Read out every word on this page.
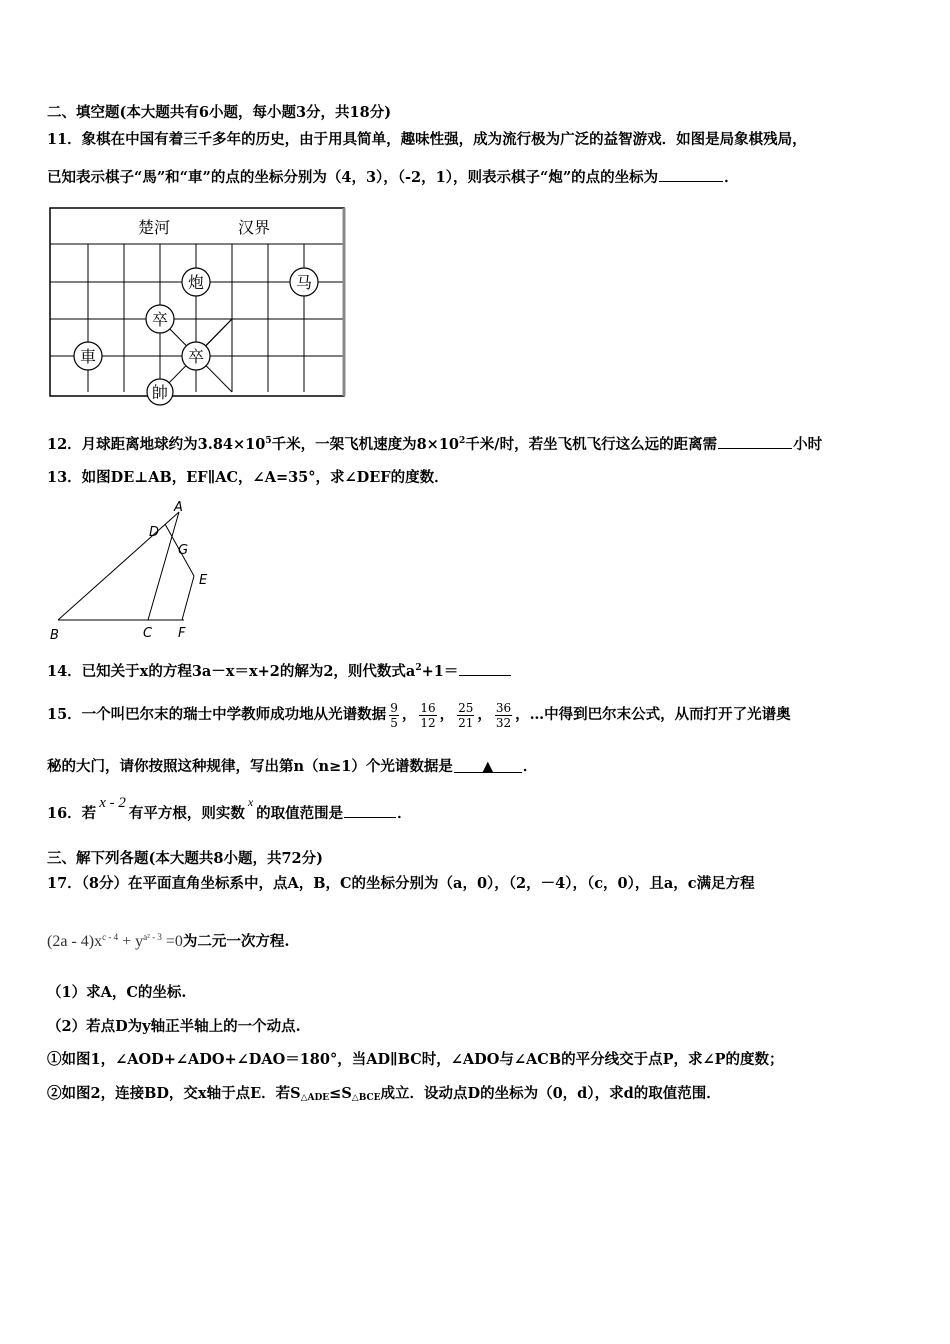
二、填空题(本大题共有6小题，每小题3分，共18分)
11．象棋在中国有着三千多年的历史，由于用具简单，趣味性强，成为流行极为广泛的益智游戏．如图是局象棋残局，
已知表示棋子“馬”和“車”的点的坐标分别为（4，3），（-2，1），则表示棋子“炮”的点的坐标为	．
楚河	汉界
炮	马
卒
車	卒
帥
12．月球距离地球约为$3.84\times 10^5$千米，一架飞机速度为$8\times 10^2$千米/时，若坐飞机飞行这么远的距离需	小时
13．如图DE⊥AB，EF∥AC，∠A=35°，求∠DEF的度数．
A
D
G
E
B	C F
14．已知关于x的方程3a－x＝x+2的解为2，则代数式$a^2+1=$
15．一个叫巴尔末的瑞士中学教师成功地从光谱数据 $\frac{9}{5}$ ， $\frac{16}{12}$ ， $\frac{25}{21}$ ， $\frac{36}{32}$ ，…中得到巴尔末公式，从而打开了光谱奥
秘的大门，请你按照这种规律，写出第n（n≥1）个光谱数据是 ▲ ．
16．若x - 2有平方根，则实数$^x$的取值范围是	．
三、解下列各题(本大题共8小题，共72分)
17．（8分）在平面直角坐标系中，点A，B，C的坐标分别为（a，0），（2，－4），（c，0），且a，c满足方程
$(2a - 4)x^{c - 4} + y^{a^2 - 3} =0$为二元一次方程.
（1）求A，C的坐标.
（2）若点D为y轴正半轴上的一个动点.
①如图1，∠AOD+∠ADO+∠DAO＝180°，当AD∥BC时，∠ADO与∠ACB的平分线交于点P，求∠P的度数；
②如图2，连接BD，交x轴于点E．若$S_{\triangle ADE}\le S_{\triangle BCE}$成立．设动点D的坐标为（0，d），求d的取值范围．
